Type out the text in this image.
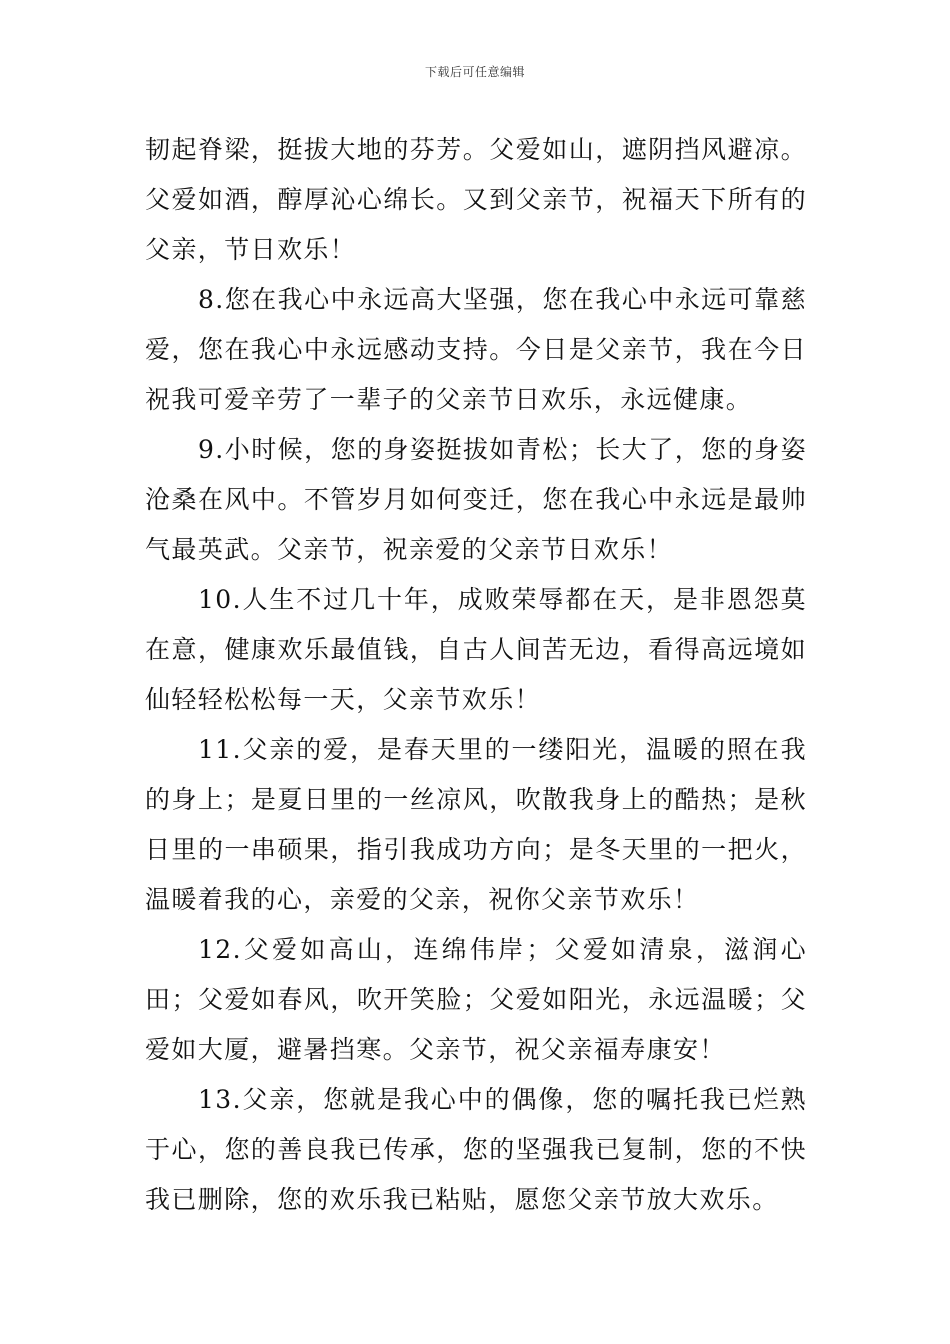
下载后可任意编辑

韧起脊梁，挺拔大地的芬芳。父爱如山，遮阴挡风避凉。父爱如酒，醇厚沁心绵长。又到父亲节，祝福天下所有的父亲，节日欢乐！

8.您在我心中永远高大坚强，您在我心中永远可靠慈爱，您在我心中永远感动支持。今日是父亲节，我在今日祝我可爱辛劳了一辈子的父亲节日欢乐，永远健康。

9.小时候，您的身姿挺拔如青松；长大了，您的身姿沧桑在风中。不管岁月如何变迁，您在我心中永远是最帅气最英武。父亲节，祝亲爱的父亲节日欢乐！

10.人生不过几十年，成败荣辱都在天，是非恩怨莫在意，健康欢乐最值钱，自古人间苦无边，看得高远境如仙轻轻松松每一天，父亲节欢乐！

11.父亲的爱，是春天里的一缕阳光，温暖的照在我的身上；是夏日里的一丝凉风，吹散我身上的酷热；是秋日里的一串硕果，指引我成功方向；是冬天里的一把火，温暖着我的心，亲爱的父亲，祝你父亲节欢乐！

12.父爱如高山，连绵伟岸；父爱如清泉，滋润心田；父爱如春风，吹开笑脸；父爱如阳光，永远温暖；父爱如大厦，避暑挡寒。父亲节，祝父亲福寿康安！

13.父亲，您就是我心中的偶像，您的嘱托我已烂熟于心，您的善良我已传承，您的坚强我已复制，您的不快我已删除，您的欢乐我已粘贴，愿您父亲节放大欢乐。
